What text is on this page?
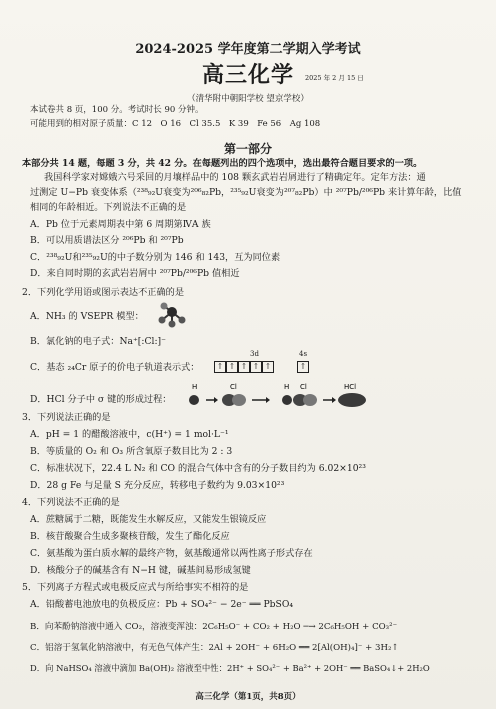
2024-2025 学年度第二学期入学考试
高三化学	2025 年 2 月 15 日
（清华附中朝阳学校 望京学校）
本试卷共 8 页，100 分。考试时长 90 分钟。
可能用到的相对原子质量：C 12　O 16　Cl 35.5　K 39　Fe 56　Ag 108
第一部分
本部分共 14 题，每题 3 分，共 42 分。在每题列出的四个选项中，选出最符合题目要求的一项。
我国科学家对嫦娥六号采回的月壤样品中的 108 颗玄武岩岩屑进行了精确定年。定年方法：通
过测定 U−Pb 衰变体系（²³⁸₉₂U衰变为²⁰⁶₈₂Pb，²³⁵₉₂U衰变为²⁰⁷₈₂Pb）中 ²⁰⁷Pb/²⁰⁶Pb 来计算年龄，比值
相同的年龄相近。下列说法不正确的是
A．Pb 位于元素周期表中第 6 周期第ⅣA 族
B．可以用质谱法区分 ²⁰⁶Pb 和 ²⁰⁷Pb
C．²³⁸₉₂U和²³⁵₉₂U的中子数分别为 146 和 143，互为同位素
D．来自同时期的玄武岩岩屑中 ²⁰⁷Pb/²⁰⁶Pb 值相近
2．下列化学用语或图示表达不正确的是
A．NH₃ 的 VSEPR 模型：
B．氯化钠的电子式：Na⁺[:Cl:]⁻
C．基态 ₂₄Cr 原子的价电子轨道表示式：
3d	4s
↑ ↑ ↑ ↑ ↑	↑
D．HCl 分子中 σ 键的形成过程：
H	Cl	H Cl	HCl
3．下列说法正确的是
A．pH = 1 的醋酸溶液中，c(H⁺) = 1 mol·L⁻¹
B．等质量的 O₂ 和 O₃ 所含氧原子数目比为 2 : 3
C．标准状况下，22.4 L N₂ 和 CO 的混合气体中含有的分子数目约为 6.02×10²³
D．28 g Fe 与足量 S 充分反应，转移电子数约为 9.03×10²³
4．下列说法不正确的是
A．蔗糖属于二糖，既能发生水解反应，又能发生银镜反应
B．核苷酸聚合生成多聚核苷酸，发生了酯化反应
C．氨基酸为蛋白质水解的最终产物，氨基酸通常以两性离子形式存在
D．核酸分子的碱基含有 N−H 键，碱基间易形成氢键
5．下列离子方程式或电极反应式与所给事实不相符的是
A．铅酸蓄电池放电的负极反应：Pb + SO₄²⁻ − 2e⁻ ══ PbSO₄
B．向苯酚钠溶液中通入 CO₂，溶液变浑浊：2C₆H₅O⁻ + CO₂ + H₂O ─→ 2C₆H₅OH + CO₃²⁻
C．铝溶于氢氧化钠溶液中，有无色气体产生：2Al + 2OH⁻ + 6H₂O ══ 2[Al(OH)₄]⁻ + 3H₂↑
D．向 NaHSO₄ 溶液中滴加 Ba(OH)₂ 溶液至中性：2H⁺ + SO₄²⁻ + Ba²⁺ + 2OH⁻ ══ BaSO₄↓+ 2H₂O
高三化学（第1页，共8页）
